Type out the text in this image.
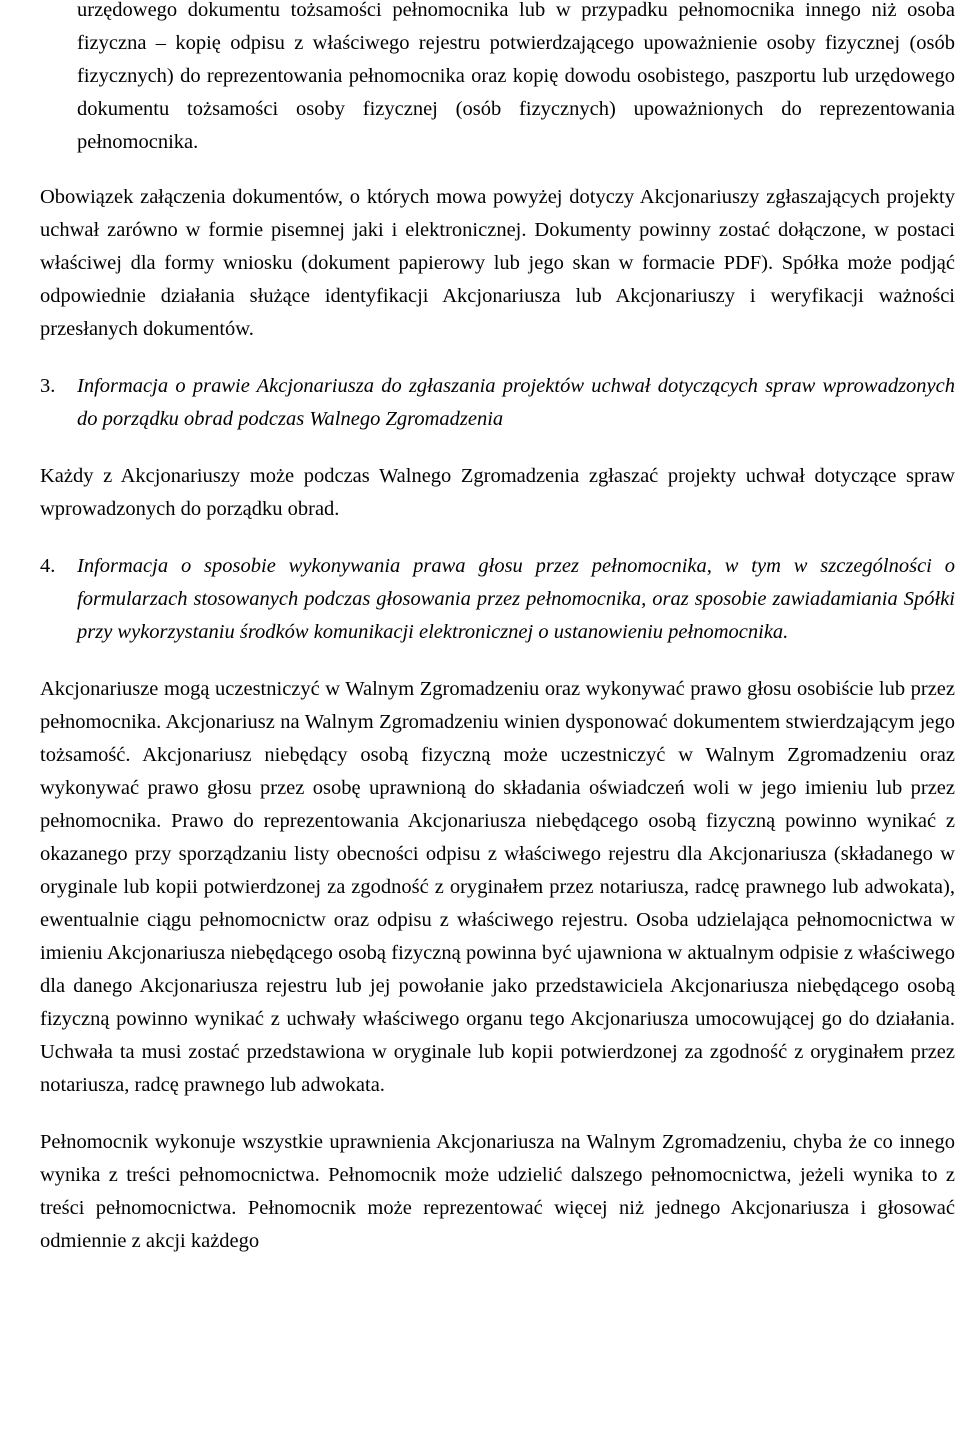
urzędowego dokumentu tożsamości pełnomocnika lub w przypadku pełnomocnika innego niż osoba fizyczna – kopię odpisu z właściwego rejestru potwierdzającego upoważnienie osoby fizycznej (osób fizycznych) do reprezentowania pełnomocnika oraz kopię dowodu osobistego, paszportu lub urzędowego dokumentu tożsamości osoby fizycznej (osób fizycznych) upoważnionych do reprezentowania pełnomocnika.

Obowiązek załączenia dokumentów, o których mowa powyżej dotyczy Akcjonariuszy zgłaszających projekty uchwał zarówno w formie pisemnej jaki i elektronicznej. Dokumenty powinny zostać dołączone, w postaci właściwej dla formy wniosku (dokument papierowy lub jego skan w formacie PDF). Spółka może podjąć odpowiednie działania służące identyfikacji Akcjonariusza lub Akcjonariuszy i weryfikacji ważności przesłanych dokumentów.

3.	Informacja o prawie Akcjonariusza do zgłaszania projektów uchwał dotyczących spraw wprowadzonych do porządku obrad podczas Walnego Zgromadzenia

Każdy z Akcjonariuszy może podczas Walnego Zgromadzenia zgłaszać projekty uchwał dotyczące spraw wprowadzonych do porządku obrad.

4.	Informacja o sposobie wykonywania prawa głosu przez pełnomocnika, w tym w szczególności o formularzach stosowanych podczas głosowania przez pełnomocnika, oraz sposobie zawiadamiania Spółki przy wykorzystaniu środków komunikacji elektronicznej o ustanowieniu pełnomocnika.

Akcjonariusze mogą uczestniczyć w Walnym Zgromadzeniu oraz wykonywać prawo głosu osobiście lub przez pełnomocnika. Akcjonariusz na Walnym Zgromadzeniu winien dysponować dokumentem stwierdzającym jego tożsamość. Akcjonariusz niebędący osobą fizyczną może uczestniczyć w Walnym Zgromadzeniu oraz wykonywać prawo głosu przez osobę uprawnioną do składania oświadczeń woli w jego imieniu lub przez pełnomocnika. Prawo do reprezentowania Akcjonariusza niebędącego osobą fizyczną powinno wynikać z okazanego przy sporządzaniu listy obecności odpisu z właściwego rejestru dla Akcjonariusza (składanego w oryginale lub kopii potwierdzonej za zgodność z oryginałem przez notariusza, radcę prawnego lub adwokata), ewentualnie ciągu pełnomocnictw oraz odpisu z właściwego rejestru. Osoba udzielająca pełnomocnictwa w imieniu Akcjonariusza niebędącego osobą fizyczną powinna być ujawniona w aktualnym odpisie z właściwego dla danego Akcjonariusza rejestru lub jej powołanie jako przedstawiciela Akcjonariusza niebędącego osobą fizyczną powinno wynikać z uchwały właściwego organu tego Akcjonariusza umocowującej go do działania. Uchwała ta musi zostać przedstawiona w oryginale lub kopii potwierdzonej za zgodność z oryginałem przez notariusza, radcę prawnego lub adwokata.

Pełnomocnik wykonuje wszystkie uprawnienia Akcjonariusza na Walnym Zgromadzeniu, chyba że co innego wynika z treści pełnomocnictwa. Pełnomocnik może udzielić dalszego pełnomocnictwa, jeżeli wynika to z treści pełnomocnictwa. Pełnomocnik może reprezentować więcej niż jednego Akcjonariusza i głosować odmiennie z akcji każdego
